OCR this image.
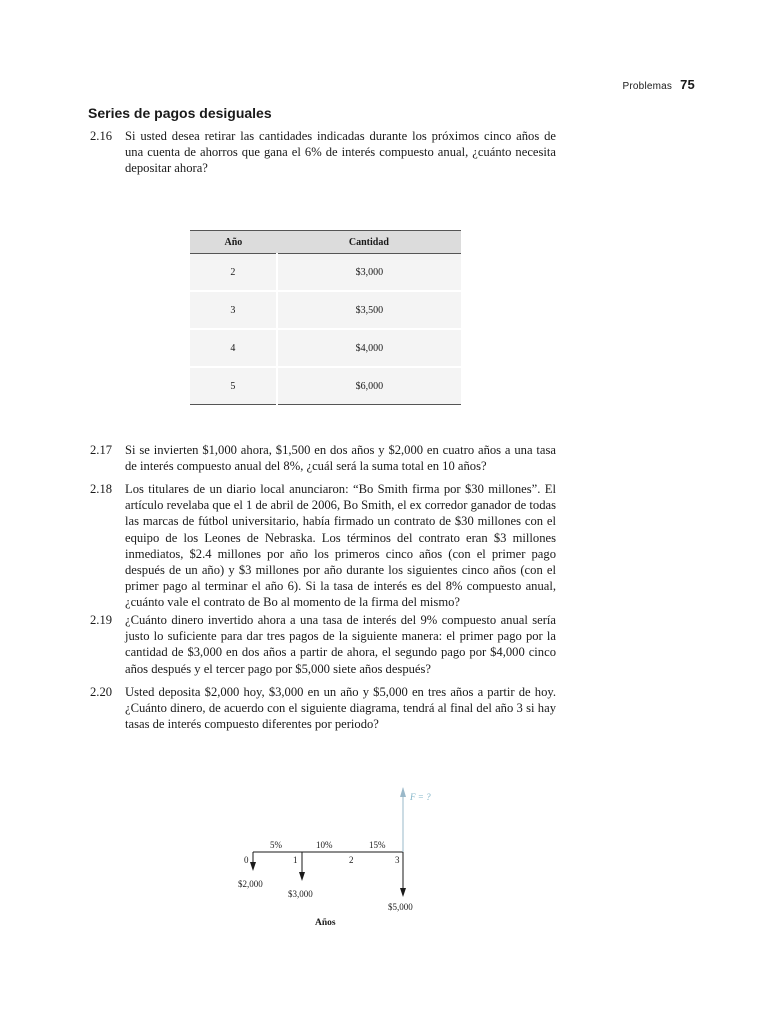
Problemas 75
Series de pagos desiguales
2.16 Si usted desea retirar las cantidades indicadas durante los próximos cinco años de una cuenta de ahorros que gana el 6% de interés compuesto anual, ¿cuánto necesita depositar ahora?
Año	Cantidad
2	$3,000
3	$3,500
4	$4,000
5	$6,000
2.17 Si se invierten $1,000 ahora, $1,500 en dos años y $2,000 en cuatro años a una tasa de interés compuesto anual del 8%, ¿cuál será la suma total en 10 años?
2.18 Los titulares de un diario local anunciaron: “Bo Smith firma por $30 millones”. El artículo revelaba que el 1 de abril de 2006, Bo Smith, el ex corredor ganador de todas las marcas de fútbol universitario, había firmado un contrato de $30 millones con el equipo de los Leones de Nebraska. Los términos del contrato eran $3 millones inmediatos, $2.4 millones por año los primeros cinco años (con el primer pago después de un año) y $3 millones por año durante los siguientes cinco años (con el primer pago al terminar el año 6). Si la tasa de interés es del 8% compuesto anual, ¿cuánto vale el contrato de Bo al momento de la firma del mismo?
2.19 ¿Cuánto dinero invertido ahora a una tasa de interés del 9% compuesto anual sería justo lo suficiente para dar tres pagos de la siguiente manera: el primer pago por la cantidad de $3,000 en dos años a partir de ahora, el segundo pago por $4,000 cinco años después y el tercer pago por $5,000 siete años después?
2.20 Usted deposita $2,000 hoy, $3,000 en un año y $5,000 en tres años a partir de hoy. ¿Cuánto dinero, de acuerdo con el siguiente diagrama, tendrá al final del año 3 si hay tasas de interés compuesto diferentes por periodo?
F = ?
5%	10%	15%
0	1	2	3
$2,000
$3,000
$5,000
Años
